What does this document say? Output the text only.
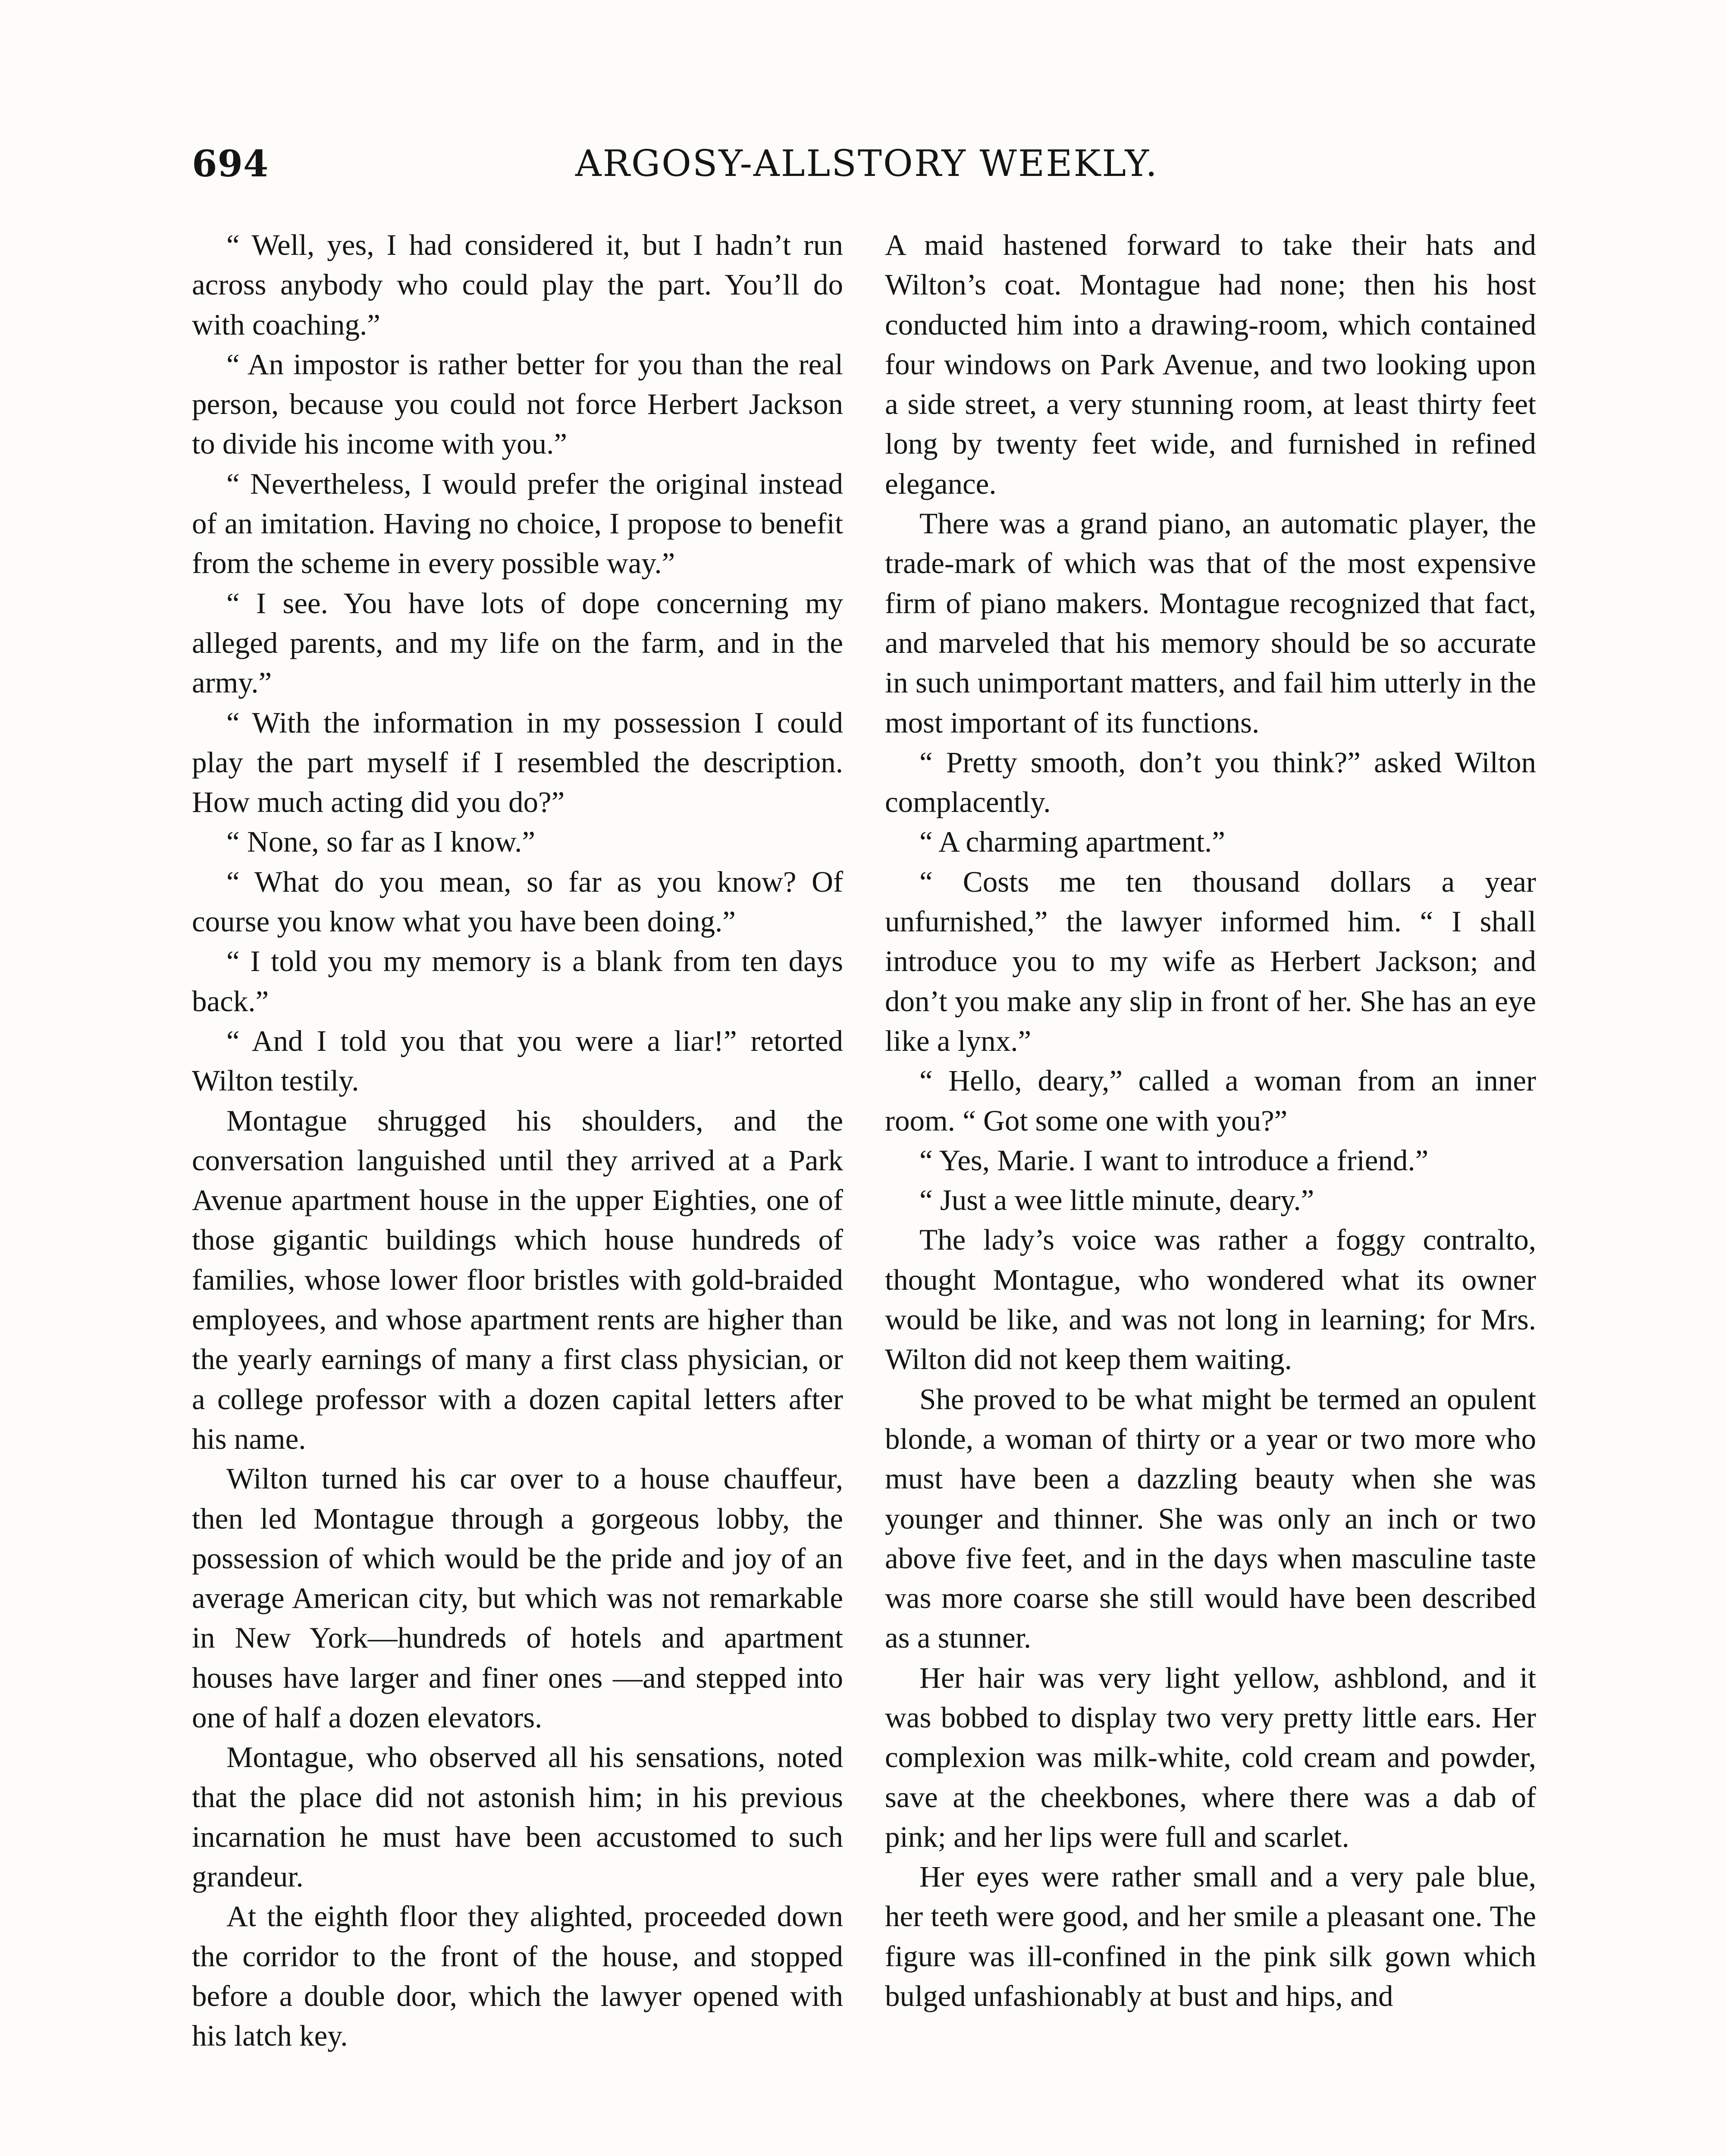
694	ARGOSY-ALLSTORY WEEKLY.

“ Well, yes, I had considered it, but I hadn’t run across anybody who could play the part. You’ll do with coaching.”

“ An impostor is rather better for you than the real person, because you could not force Herbert Jackson to divide his income with you.”

“ Nevertheless, I would prefer the original instead of an imitation. Having no choice, I propose to benefit from the scheme in every possible way.”

“ I see. You have lots of dope concerning my alleged parents, and my life on the farm, and in the army.”

“ With the information in my possession I could play the part myself if I resembled the description. How much acting did you do?”

“ None, so far as I know.”

“ What do you mean, so far as you know? Of course you know what you have been doing.”

“ I told you my memory is a blank from ten days back.”

“ And I told you that you were a liar!” retorted Wilton testily.

Montague shrugged his shoulders, and the conversation languished until they arrived at a Park Avenue apartment house in the upper Eighties, one of those gigantic buildings which house hundreds of families, whose lower floor bristles with gold-braided employees, and whose apartment rents are higher than the yearly earnings of many a first class physician, or a college professor with a dozen capital letters after his name.

Wilton turned his car over to a house chauffeur, then led Montague through a gorgeous lobby, the possession of which would be the pride and joy of an average American city, but which was not remarkable in New York—hundreds of hotels and apartment houses have larger and finer ones —and stepped into one of half a dozen elevators.

Montague, who observed all his sensations, noted that the place did not astonish him; in his previous incarnation he must have been accustomed to such grandeur.

At the eighth floor they alighted, proceeded down the corridor to the front of the house, and stopped before a double door, which the lawyer opened with his latch key.

A maid hastened forward to take their hats and Wilton’s coat. Montague had none; then his host conducted him into a drawing-room, which contained four windows on Park Avenue, and two looking upon a side street, a very stunning room, at least thirty feet long by twenty feet wide, and furnished in refined elegance.

There was a grand piano, an automatic player, the trade-mark of which was that of the most expensive firm of piano makers. Montague recognized that fact, and marveled that his memory should be so accurate in such unimportant matters, and fail him utterly in the most important of its functions.

“ Pretty smooth, don’t you think?” asked Wilton complacently.

“ A charming apartment.”

“ Costs me ten thousand dollars a year unfurnished,” the lawyer informed him. “ I shall introduce you to my wife as Herbert Jackson; and don’t you make any slip in front of her. She has an eye like a lynx.”

“ Hello, deary,” called a woman from an inner room. “ Got some one with you?”

“ Yes, Marie. I want to introduce a friend.”

“ Just a wee little minute, deary.”

The lady’s voice was rather a foggy contralto, thought Montague, who wondered what its owner would be like, and was not long in learning; for Mrs. Wilton did not keep them waiting.

She proved to be what might be termed an opulent blonde, a woman of thirty or a year or two more who must have been a dazzling beauty when she was younger and thinner. She was only an inch or two above five feet, and in the days when masculine taste was more coarse she still would have been described as a stunner.

Her hair was very light yellow, ashblond, and it was bobbed to display two very pretty little ears. Her complexion was milk-white, cold cream and powder, save at the cheekbones, where there was a dab of pink; and her lips were full and scarlet.

Her eyes were rather small and a very pale blue, her teeth were good, and her smile a pleasant one. The figure was ill-confined in the pink silk gown which bulged unfashionably at bust and hips, and
